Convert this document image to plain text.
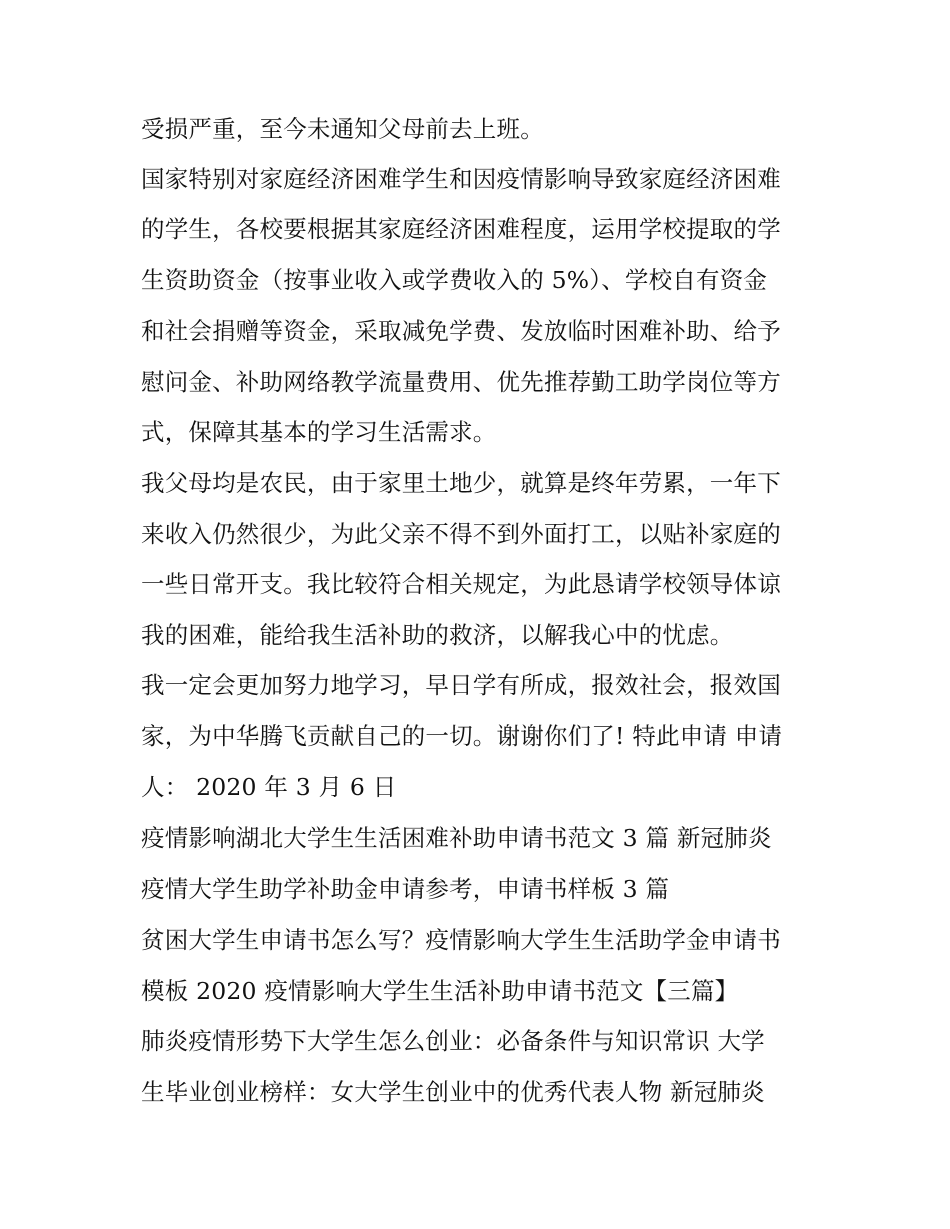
受损严重，至今未通知父母前去上班。
国家特别对家庭经济困难学生和因疫情影响导致家庭经济困难
的学生，各校要根据其家庭经济困难程度，运用学校提取的学
生资助资金（按事业收入或学费收入的 5%）、学校自有资金
和社会捐赠等资金，采取减免学费、发放临时困难补助、给予
慰问金、补助网络教学流量费用、优先推荐勤工助学岗位等方
式，保障其基本的学习生活需求。
我父母均是农民，由于家里土地少，就算是终年劳累，一年下
来收入仍然很少，为此父亲不得不到外面打工，以贴补家庭的
一些日常开支。我比较符合相关规定，为此恳请学校领导体谅
我的困难，能给我生活补助的救济，以解我心中的忧虑。
我一定会更加努力地学习，早日学有所成，报效社会，报效国
家，为中华腾飞贡献自己的一切。谢谢你们了! 特此申请 申请
人： 2020 年 3 月 6 日
疫情影响湖北大学生生活困难补助申请书范文 3 篇 新冠肺炎
疫情大学生助学补助金申请参考，申请书样板 3 篇
贫困大学生申请书怎么写？疫情影响大学生生活助学金申请书
模板 2020 疫情影响大学生生活补助申请书范文【三篇】
肺炎疫情形势下大学生怎么创业：必备条件与知识常识 大学
生毕业创业榜样：女大学生创业中的优秀代表人物 新冠肺炎
